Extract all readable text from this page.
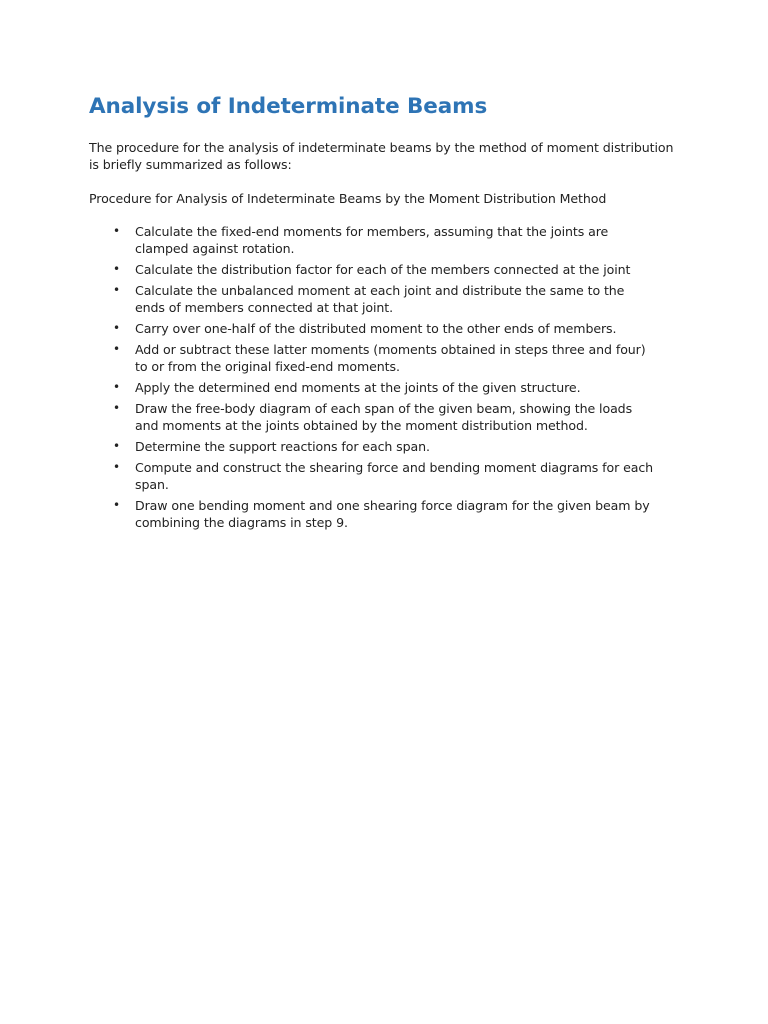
Analysis of Indeterminate Beams

The procedure for the analysis of indeterminate beams by the method of moment distribution is briefly summarized as follows:

Procedure for Analysis of Indeterminate Beams by the Moment Distribution Method

• Calculate the fixed-end moments for members, assuming that the joints are clamped against rotation.
• Calculate the distribution factor for each of the members connected at the joint
• Calculate the unbalanced moment at each joint and distribute the same to the ends of members connected at that joint.
• Carry over one-half of the distributed moment to the other ends of members.
• Add or subtract these latter moments (moments obtained in steps three and four) to or from the original fixed-end moments.
• Apply the determined end moments at the joints of the given structure.
• Draw the free-body diagram of each span of the given beam, showing the loads and moments at the joints obtained by the moment distribution method.
• Determine the support reactions for each span.
• Compute and construct the shearing force and bending moment diagrams for each span.
• Draw one bending moment and one shearing force diagram for the given beam by combining the diagrams in step 9.
